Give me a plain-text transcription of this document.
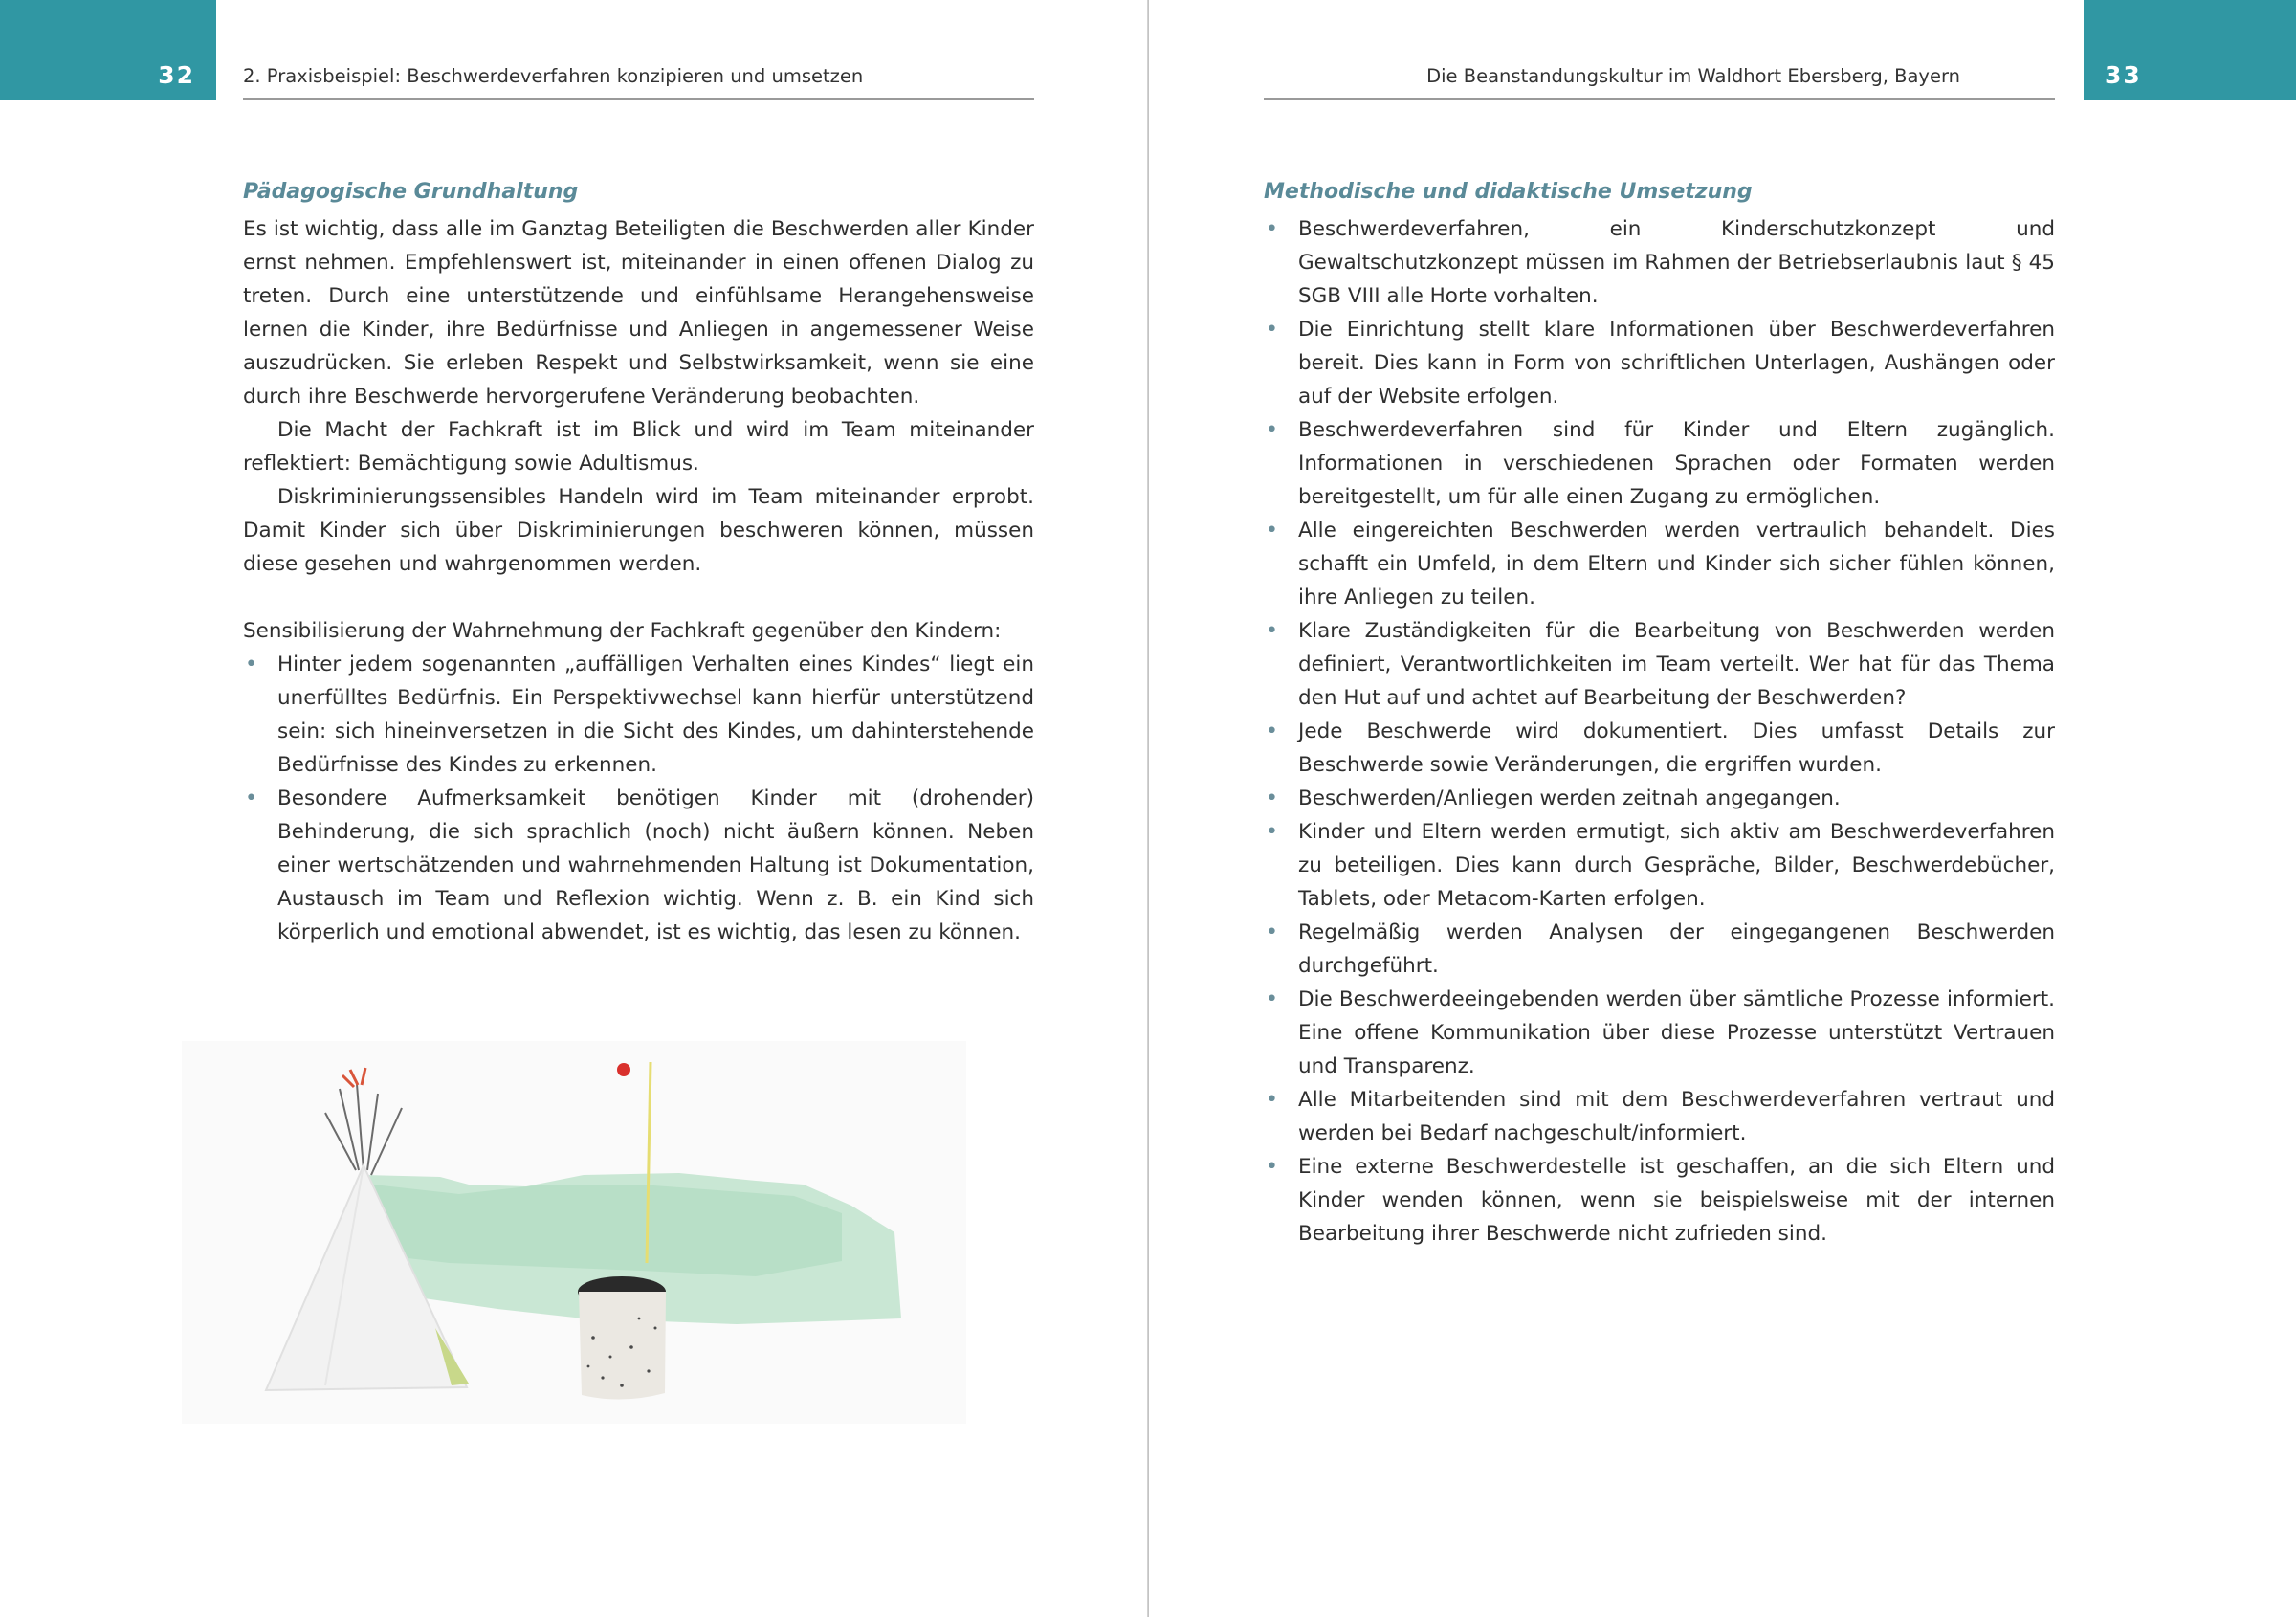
32	2. Praxisbeispiel: Beschwerdeverfahren konzipieren und umsetzen
Pädagogische Grundhaltung

Es ist wichtig, dass alle im Ganztag Beteiligten die Beschwerden aller Kinder ernst nehmen. Empfehlenswert ist, miteinander in einen offenen Dialog zu treten. Durch eine unterstützende und einfühlsame Herangehensweise lernen die Kinder, ihre Bedürfnisse und Anliegen in angemessener Weise auszudrücken. Sie erleben Respekt und Selbstwirksamkeit, wenn sie eine durch ihre Beschwerde hervorgerufene Veränderung beobachten.

Die Macht der Fachkraft ist im Blick und wird im Team miteinander reflektiert: Bemächtigung sowie Adultismus.

Diskriminierungssensibles Handeln wird im Team miteinander erprobt. Damit Kinder sich über Diskriminierungen beschweren können, müssen diese gesehen und wahrgenommen werden.

Sensibilisierung der Wahrnehmung der Fachkraft gegenüber den Kindern:

• Hinter jedem sogenannten „auffälligen Verhalten eines Kindes“ liegt ein unerfülltes Bedürfnis. Ein Perspektivwechsel kann hierfür unterstützend sein: sich hineinversetzen in die Sicht des Kindes, um dahinterstehende Bedürfnisse des Kindes zu erkennen.
• Besondere Aufmerksamkeit benötigen Kinder mit (drohender) Behinderung, die sich sprachlich (noch) nicht äußern können. Neben einer wertschätzenden und wahrnehmenden Haltung ist Dokumentation, Austausch im Team und Reflexion wichtig. Wenn z. B. ein Kind sich körperlich und emotional abwendet, ist es wichtig, das lesen zu können.
33
Die Beanstandungskultur im Waldhort Ebersberg, Bayern
Methodische und didaktische Umsetzung
• Beschwerdeverfahren, ein Kinderschutzkonzept und Gewaltschutzkonzept müssen im Rahmen der Betriebserlaubnis laut § 45 SGB VIII alle Horte vorhalten.
• Die Einrichtung stellt klare Informationen über Beschwerdeverfahren bereit. Dies kann in Form von schriftlichen Unterlagen, Aushängen oder auf der Website erfolgen.
• Beschwerdeverfahren sind für Kinder und Eltern zugänglich. Informationen in verschiedenen Sprachen oder Formaten werden bereitgestellt, um für alle einen Zugang zu ermöglichen.
• Alle eingereichten Beschwerden werden vertraulich behandelt. Dies schafft ein Umfeld, in dem Eltern und Kinder sich sicher fühlen können, ihre Anliegen zu teilen.
• Klare Zuständigkeiten für die Bearbeitung von Beschwerden werden definiert, Verantwortlichkeiten im Team verteilt. Wer hat für das Thema den Hut auf und achtet auf Bearbeitung der Beschwerden?
• Jede Beschwerde wird dokumentiert. Dies umfasst Details zur Beschwerde sowie Veränderungen, die ergriffen wurden.
• Beschwerden/Anliegen werden zeitnah angegangen.
• Kinder und Eltern werden ermutigt, sich aktiv am Beschwerdeverfahren zu beteiligen. Dies kann durch Gespräche, Bilder, Beschwerdebücher, Tablets, oder Metacom-Karten erfolgen.
• Regelmäßig werden Analysen der eingegangenen Beschwerden durchgeführt.
• Die Beschwerdeeingebenden werden über sämtliche Prozesse informiert. Eine offene Kommunikation über diese Prozesse unterstützt Vertrauen und Transparenz.
• Alle Mitarbeitenden sind mit dem Beschwerdeverfahren vertraut und werden bei Bedarf nachgeschult/informiert.
• Eine externe Beschwerdestelle ist geschaffen, an die sich Eltern und Kinder wenden können, wenn sie beispielsweise mit der internen Bearbeitung ihrer Beschwerde nicht zufrieden sind.
